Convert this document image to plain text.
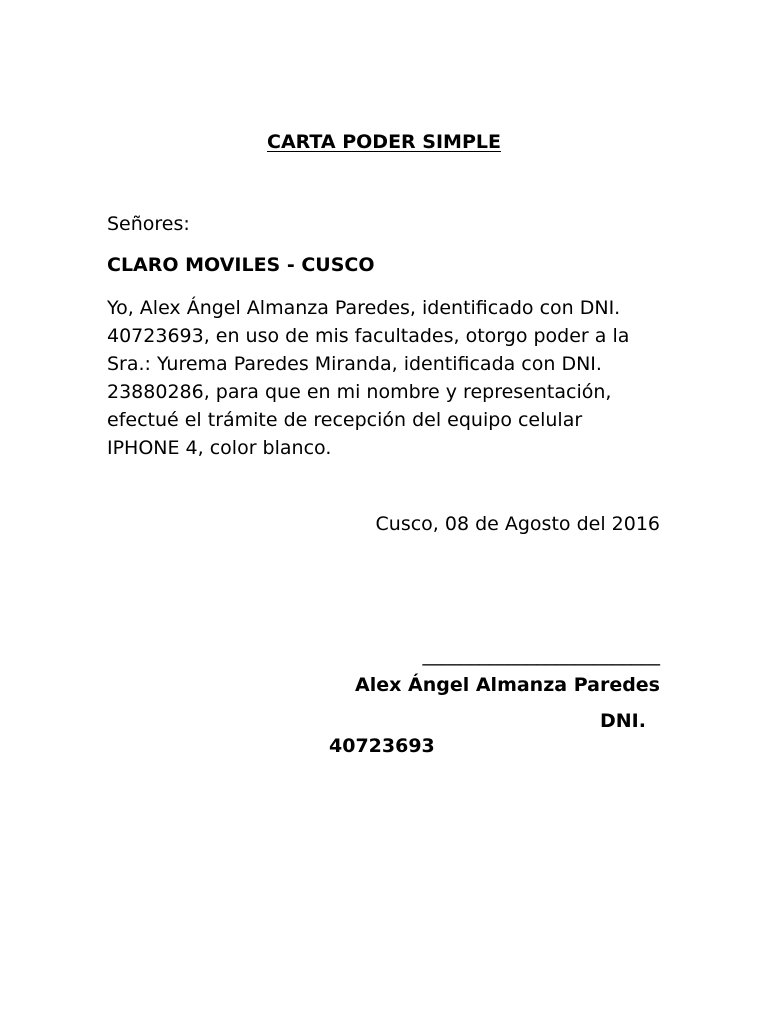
CARTA PODER SIMPLE
Señores:
CLARO MOVILES - CUSCO

Yo, Alex Ángel Almanza Paredes, identificado con DNI.
40723693, en uso de mis facultades, otorgo poder a la
Sra.: Yurema Paredes Miranda, identificada con DNI.
23880286, para que en mi nombre y representación,
efectué el trámite de recepción del equipo celular
IPHONE 4, color blanco.

Cusco, 08 de Agosto del 2016
_________________________
Alex Ángel Almanza Paredes
DNI.
40723693
